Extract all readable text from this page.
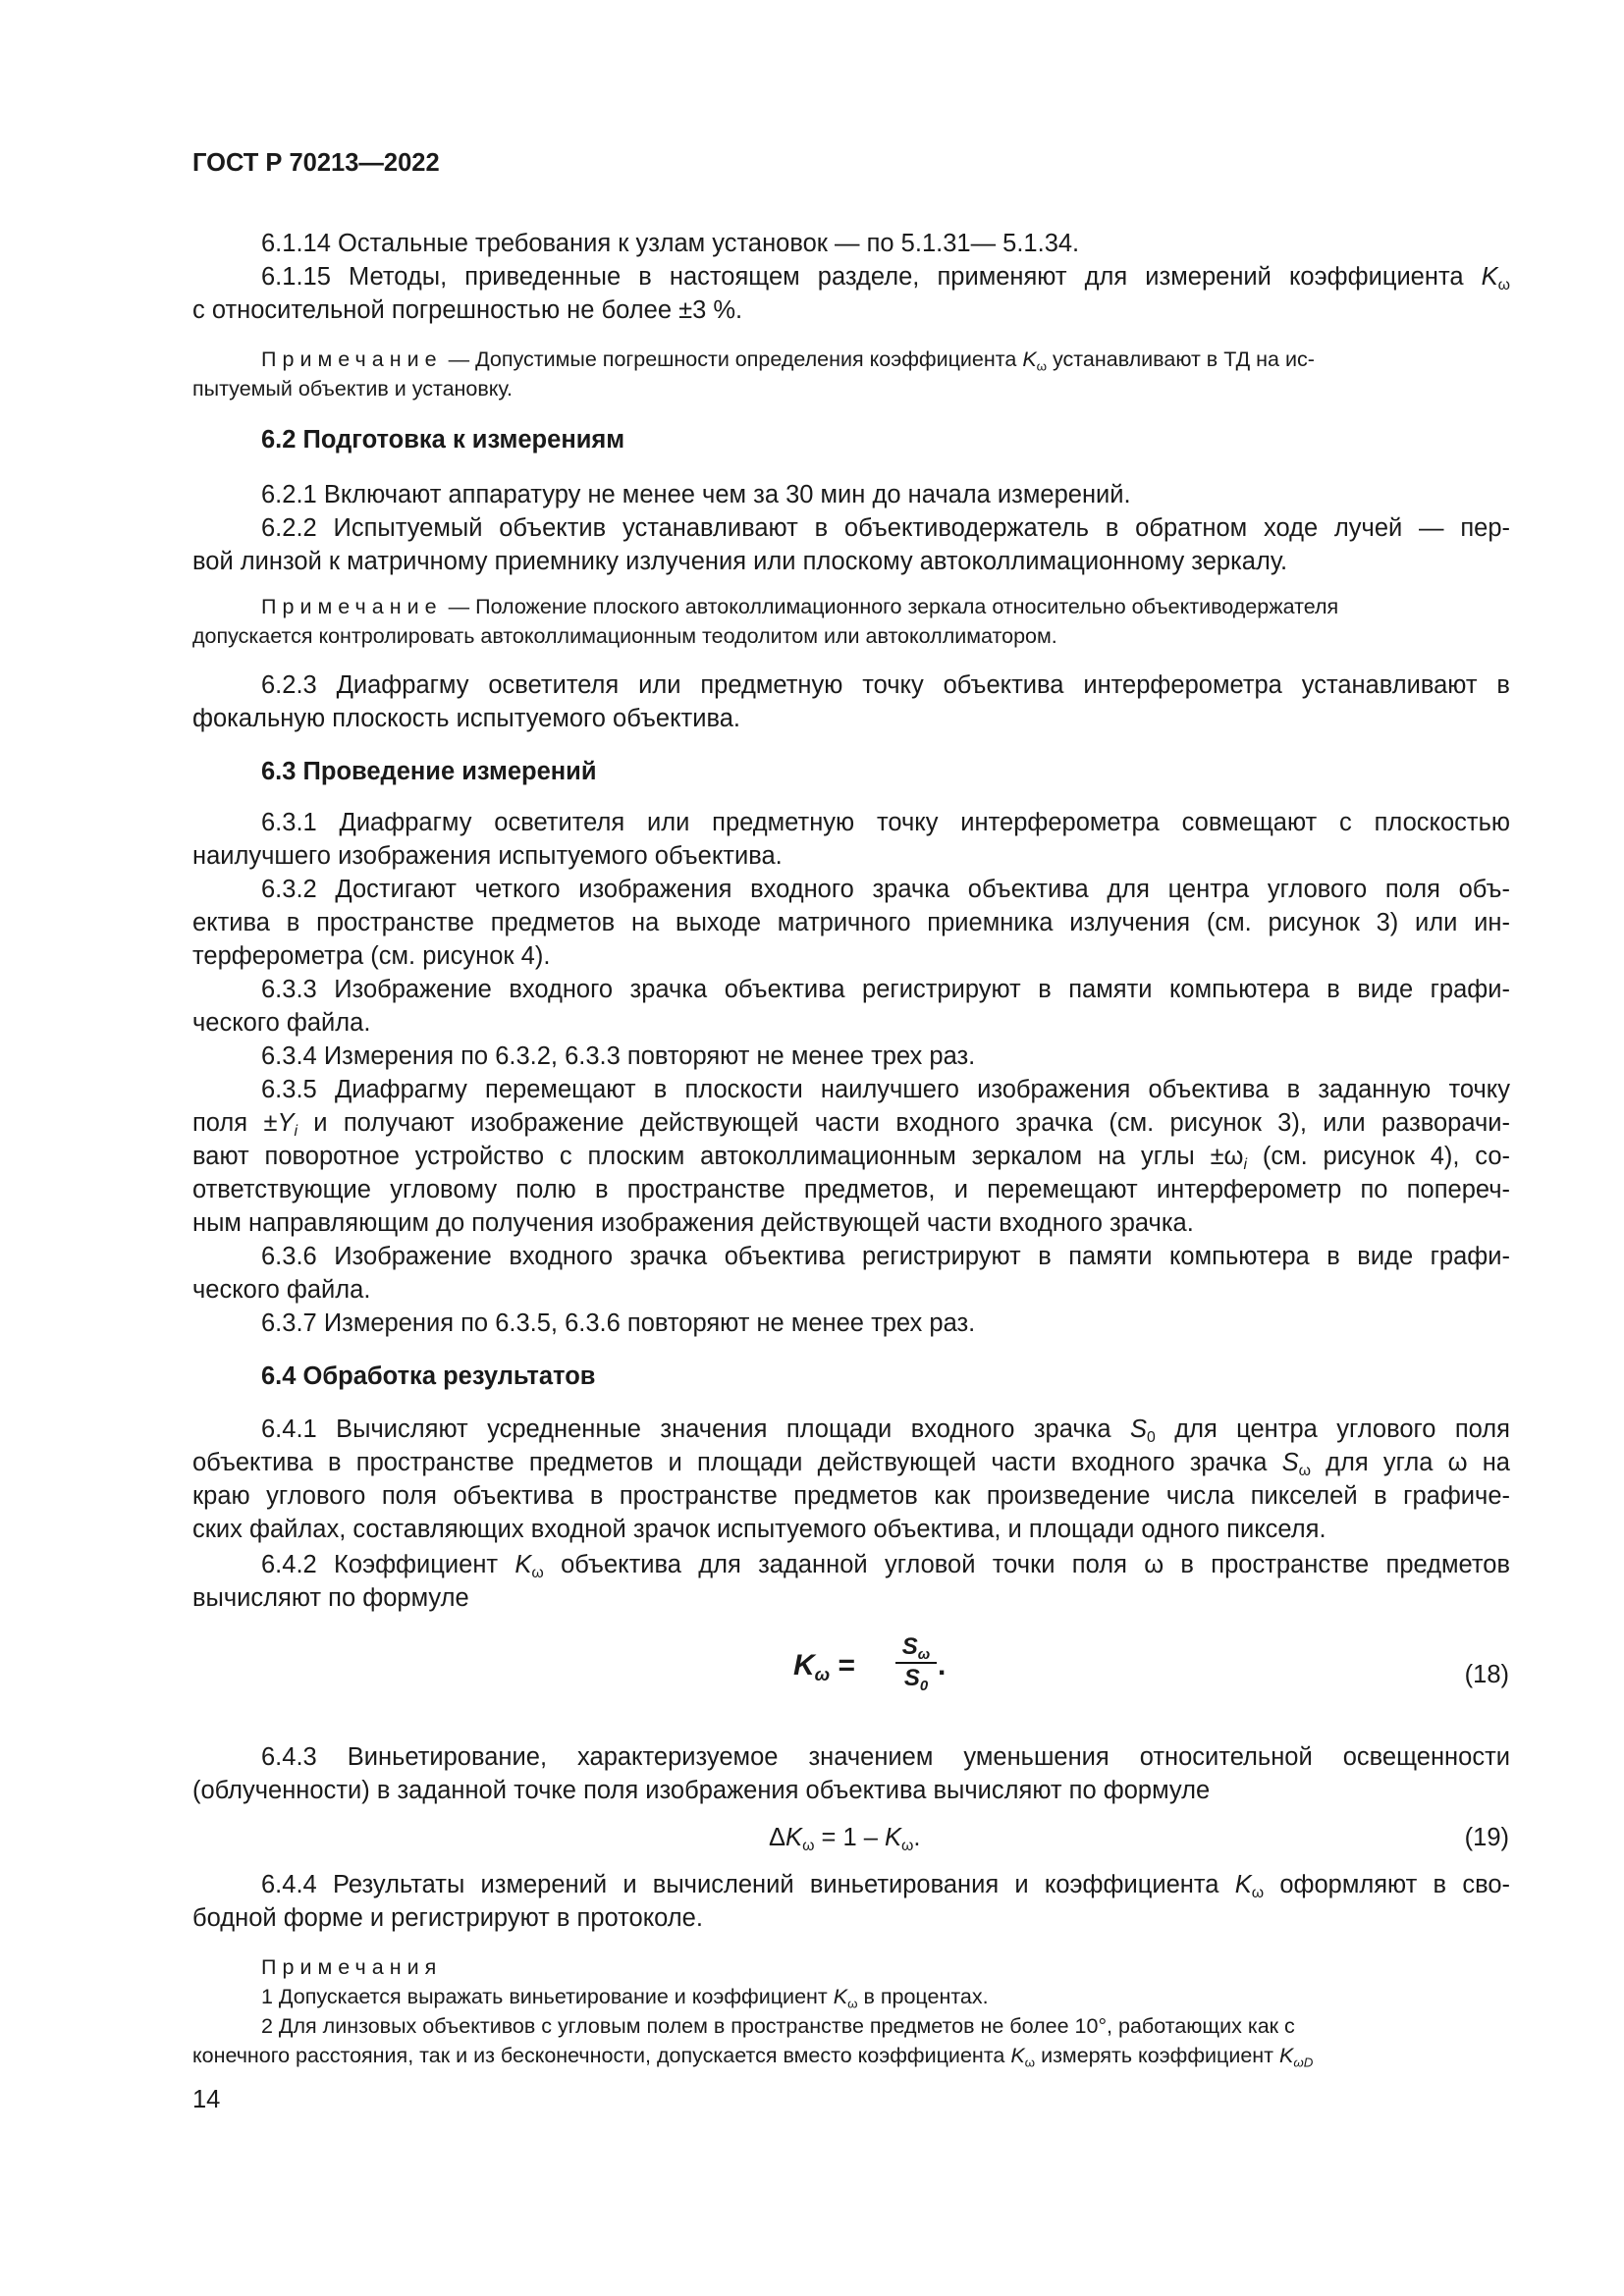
ГОСТ Р 70213—2022
6.1.14 Остальные требования к узлам установок — по 5.1.31— 5.1.34.
6.1.15 Методы, приведенные в настоящем разделе, применяют для измерений коэффициента $K_\omega$
с относительной погрешностью не более ±3 %.
Примечание — Допустимые погрешности определения коэффициента $K_\omega$ устанавливают в ТД на ис-
пытуемый объектив и установку.
6.2 Подготовка к измерениям
6.2.1 Включают аппаратуру не менее чем за 30 мин до начала измерений.
6.2.2 Испытуемый объектив устанавливают в объективодержатель в обратном ходе лучей — пер-
вой линзой к матричному приемнику излучения или плоскому автоколлимационному зеркалу.
Примечание — Положение плоского автоколлимационного зеркала относительно объективодержателя
допускается контролировать автоколлимационным теодолитом или автоколлиматором.
6.2.3 Диафрагму осветителя или предметную точку объектива интерферометра устанавливают в
фокальную плоскость испытуемого объектива.
6.3 Проведение измерений
6.3.1 Диафрагму осветителя или предметную точку интерферометра совмещают с плоскостью
наилучшего изображения испытуемого объектива.
6.3.2 Достигают четкого изображения входного зрачка объектива для центра углового поля объ-
ектива в пространстве предметов на выходе матричного приемника излучения (см. рисунок 3) или ин-
терферометра (см. рисунок 4).
6.3.3 Изображение входного зрачка объектива регистрируют в памяти компьютера в виде графи-
ческого файла.
6.3.4 Измерения по 6.3.2, 6.3.3 повторяют не менее трех раз.
6.3.5 Диафрагму перемещают в плоскости наилучшего изображения объектива в заданную точку
поля $\pm Y_i$ и получают изображение действующей части входного зрачка (см. рисунок 3), или разворачи-
вают поворотное устройство с плоским автоколлимационным зеркалом на углы $\pm\omega_i$ (см. рисунок 4), со-
ответствующие угловому полю в пространстве предметов, и перемещают интерферометр по попереч-
ным направляющим до получения изображения действующей части входного зрачка.
6.3.6 Изображение входного зрачка объектива регистрируют в памяти компьютера в виде графи-
ческого файла.
6.3.7 Измерения по 6.3.5, 6.3.6 повторяют не менее трех раз.
6.4 Обработка результатов
6.4.1 Вычисляют усредненные значения площади входного зрачка $S_0$ для центра углового поля
объектива в пространстве предметов и площади действующей части входного зрачка $S_\omega$ для угла ω на
краю углового поля объектива в пространстве предметов как произведение числа пикселей в графиче-
ских файлах, составляющих входной зрачок испытуемого объектива, и площади одного пикселя.
6.4.2 Коэффициент $K_\omega$ объектива для заданной угловой точки поля ω в пространстве предметов
вычисляют по формуле
$K_\omega = \frac{S_\omega}{S_0}$ .	(18)
6.4.3 Виньетирование, характеризуемое значением уменьшения относительной освещенности
(облученности) в заданной точке поля изображения объектива вычисляют по формуле
$\Delta K_\omega = 1 - K_\omega$.	(19)
6.4.4 Результаты измерений и вычислений виньетирования и коэффициента $K_\omega$ оформляют в сво-
бодной форме и регистрируют в протоколе.
Примечания
1 Допускается выражать виньетирование и коэффициент $K_\omega$ в процентах.
2 Для линзовых объективов с угловым полем в пространстве предметов не более 10°, работающих как с
конечного расстояния, так и из бесконечности, допускается вместо коэффициента $K_\omega$ измерять коэффициент $K_{\omega D}$
14
